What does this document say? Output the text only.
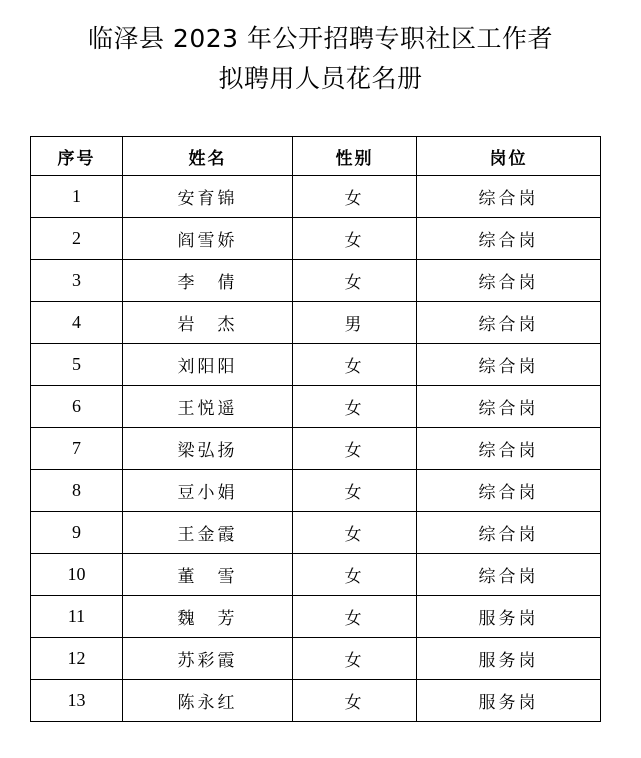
临泽县 2023 年公开招聘专职社区工作者
拟聘用人员花名册
序号	姓名	性别	岗位
1	安育锦	女	综合岗
2	阎雪娇	女	综合岗
3	李　倩	女	综合岗
4	岩　杰	男	综合岗
5	刘阳阳	女	综合岗
6	王悦遥	女	综合岗
7	梁弘扬	女	综合岗
8	豆小娟	女	综合岗
9	王金霞	女	综合岗
10	董　雪	女	综合岗
11	魏　芳	女	服务岗
12	苏彩霞	女	服务岗
13	陈永红	女	服务岗
